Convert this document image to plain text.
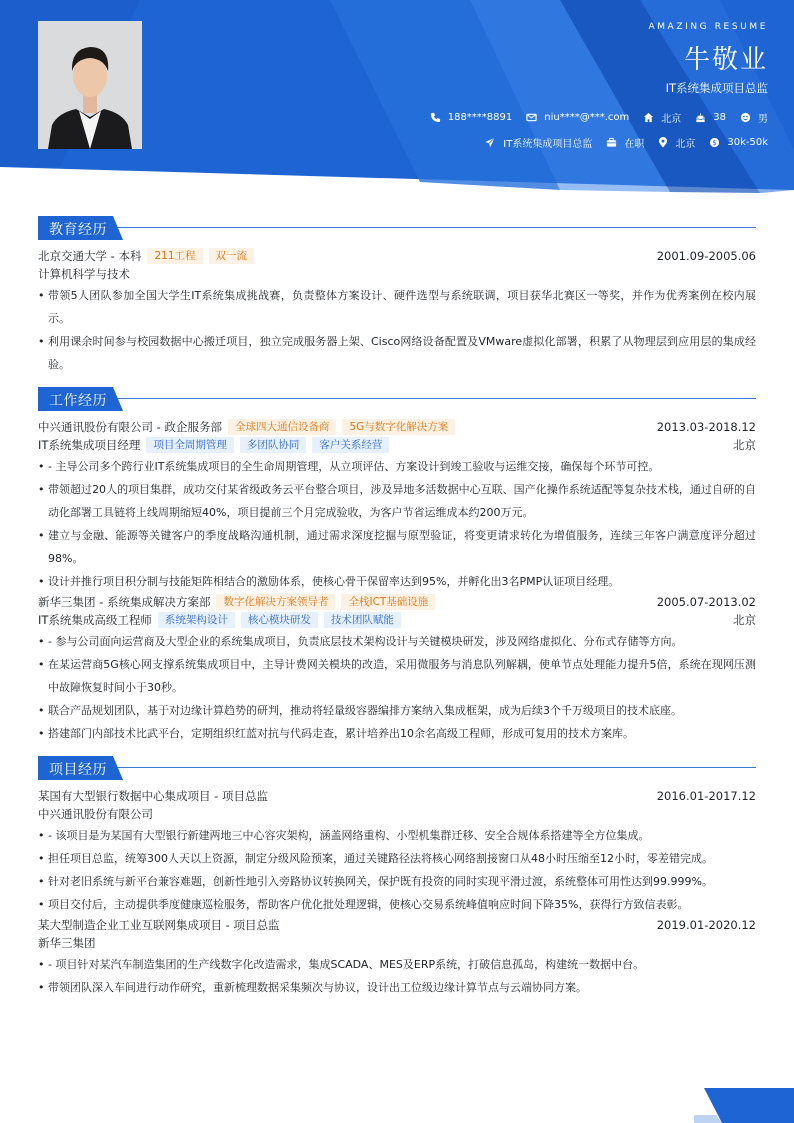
AMAZING RESUME
牛敬业
IT系统集成项目总监
188****8891	niu****@***.com	北京	38	男
IT系统集成项目总监	在职	北京 $ 30k-50k
教育经历
北京交通大学 - 本科	211工程	双一流	2001.09-2005.06
计算机科学与技术
• 带领5人团队参加全国大学生IT系统集成挑战赛，负责整体方案设计、硬件选型与系统联调，项目获华北赛区一等奖，并作为优秀案例在校内展示。
• 利用课余时间参与校园数据中心搬迁项目，独立完成服务器上架、Cisco网络设备配置及VMware虚拟化部署，积累了从物理层到应用层的集成经验。
工作经历
中兴通讯股份有限公司 - 政企服务部	全球四大通信设备商	5G与数字化解决方案	2013.03-2018.12
IT系统集成项目经理	项目全周期管理	多团队协同	客户关系经营	北京
• - 主导公司多个跨行业IT系统集成项目的全生命周期管理，从立项评估、方案设计到竣工验收与运维交接，确保每个环节可控。
• 带领超过20人的项目集群，成功交付某省级政务云平台整合项目，涉及异地多活数据中心互联、国产化操作系统适配等复杂技术栈，通过自研的自动化部署工具链将上线周期缩短40%，项目提前三个月完成验收，为客户节省运维成本约200万元。
• 建立与金融、能源等关键客户的季度战略沟通机制，通过需求深度挖掘与原型验证，将变更请求转化为增值服务，连续三年客户满意度评分超过98%。
• 设计并推行项目积分制与技能矩阵相结合的激励体系，使核心骨干保留率达到95%，并孵化出3名PMP认证项目经理。
新华三集团 - 系统集成解决方案部	数字化解决方案领导者	全栈ICT基础设施	2005.07-2013.02
IT系统集成高级工程师	系统架构设计	核心模块研发	技术团队赋能	北京
• - 参与公司面向运营商及大型企业的系统集成项目，负责底层技术架构设计与关键模块研发，涉及网络虚拟化、分布式存储等方向。
• 在某运营商5G核心网支撑系统集成项目中，主导计费网关模块的改造，采用微服务与消息队列解耦，使单节点处理能力提升5倍，系统在现网压测中故障恢复时间小于30秒。
• 联合产品规划团队，基于对边缘计算趋势的研判，推动将轻量级容器编排方案纳入集成框架，成为后续3个千万级项目的技术底座。
• 搭建部门内部技术比武平台，定期组织红蓝对抗与代码走查，累计培养出10余名高级工程师，形成可复用的技术方案库。
项目经历
某国有大型银行数据中心集成项目 - 项目总监	2016.01-2017.12
中兴通讯股份有限公司
• - 该项目是为某国有大型银行新建两地三中心容灾架构，涵盖网络重构、小型机集群迁移、安全合规体系搭建等全方位集成。
• 担任项目总监，统筹300人天以上资源，制定分级风险预案，通过关键路径法将核心网络割接窗口从48小时压缩至12小时，零差错完成。
• 针对老旧系统与新平台兼容难题，创新性地引入旁路协议转换网关，保护既有投资的同时实现平滑过渡，系统整体可用性达到99.999%。
• 项目交付后，主动提供季度健康巡检服务，帮助客户优化批处理逻辑，使核心交易系统峰值响应时间下降35%，获得行方致信表彰。
某大型制造企业工业互联网集成项目 - 项目总监	2019.01-2020.12
新华三集团
• - 项目针对某汽车制造集团的生产线数字化改造需求，集成SCADA、MES及ERP系统，打破信息孤岛，构建统一数据中台。
• 带领团队深入车间进行动作研究，重新梳理数据采集频次与协议，设计出工位级边缘计算节点与云端协同方案。
